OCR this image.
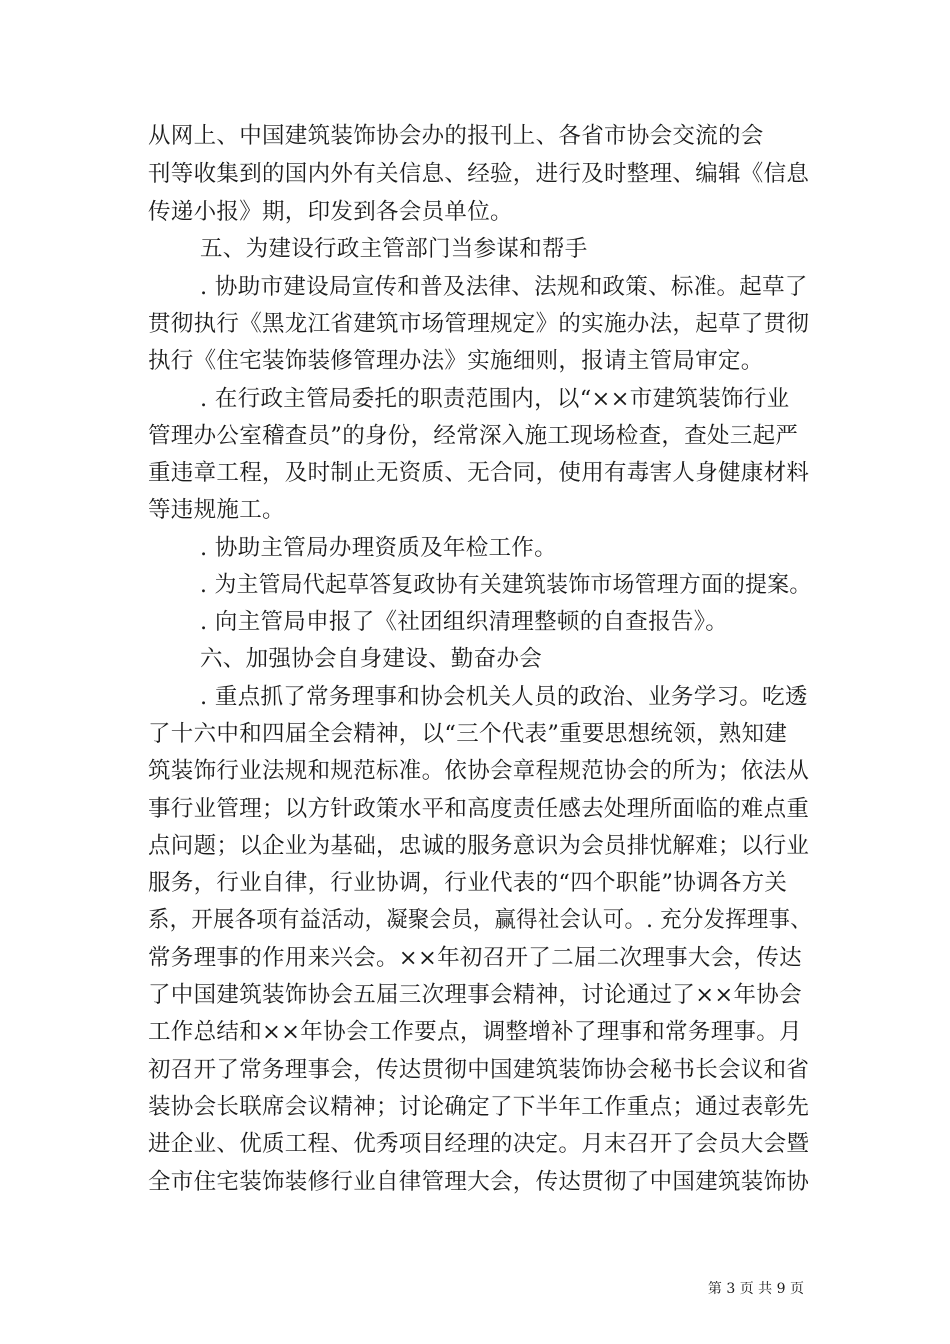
从网上、中国建筑装饰协会办的报刊上、各省市协会交流的会
刊等收集到的国内外有关信息、经验，进行及时整理、编辑《信息
传递小报》期，印发到各会员单位。
五、为建设行政主管部门当参谋和帮手
. 协助市建设局宣传和普及法律、法规和政策、标准。起草了
贯彻执行《黑龙江省建筑市场管理规定》的实施办法，起草了贯彻
执行《住宅装饰装修管理办法》实施细则，报请主管局审定。
. 在行政主管局委托的职责范围内，以“××市建筑装饰行业
管理办公室稽查员”的身份，经常深入施工现场检查，查处三起严
重违章工程，及时制止无资质、无合同，使用有毒害人身健康材料
等违规施工。
. 协助主管局办理资质及年检工作。
. 为主管局代起草答复政协有关建筑装饰市场管理方面的提案。
. 向主管局申报了《社团组织清理整顿的自查报告》。
六、加强协会自身建设、勤奋办会
. 重点抓了常务理事和协会机关人员的政治、业务学习。吃透
了十六中和四届全会精神，以“三个代表”重要思想统领，熟知建
筑装饰行业法规和规范标准。依协会章程规范协会的所为；依法从
事行业管理；以方针政策水平和高度责任感去处理所面临的难点重
点问题；以企业为基础，忠诚的服务意识为会员排忧解难；以行业
服务，行业自律，行业协调，行业代表的“四个职能”协调各方关
系，开展各项有益活动，凝聚会员，赢得社会认可。. 充分发挥理事、
常务理事的作用来兴会。××年初召开了二届二次理事大会，传达
了中国建筑装饰协会五届三次理事会精神，讨论通过了××年协会
工作总结和××年协会工作要点，调整增补了理事和常务理事。月
初召开了常务理事会，传达贯彻中国建筑装饰协会秘书长会议和省
装协会长联席会议精神；讨论确定了下半年工作重点；通过表彰先
进企业、优质工程、优秀项目经理的决定。月末召开了会员大会暨
全市住宅装饰装修行业自律管理大会，传达贯彻了中国建筑装饰协
第 3 页 共 9 页
